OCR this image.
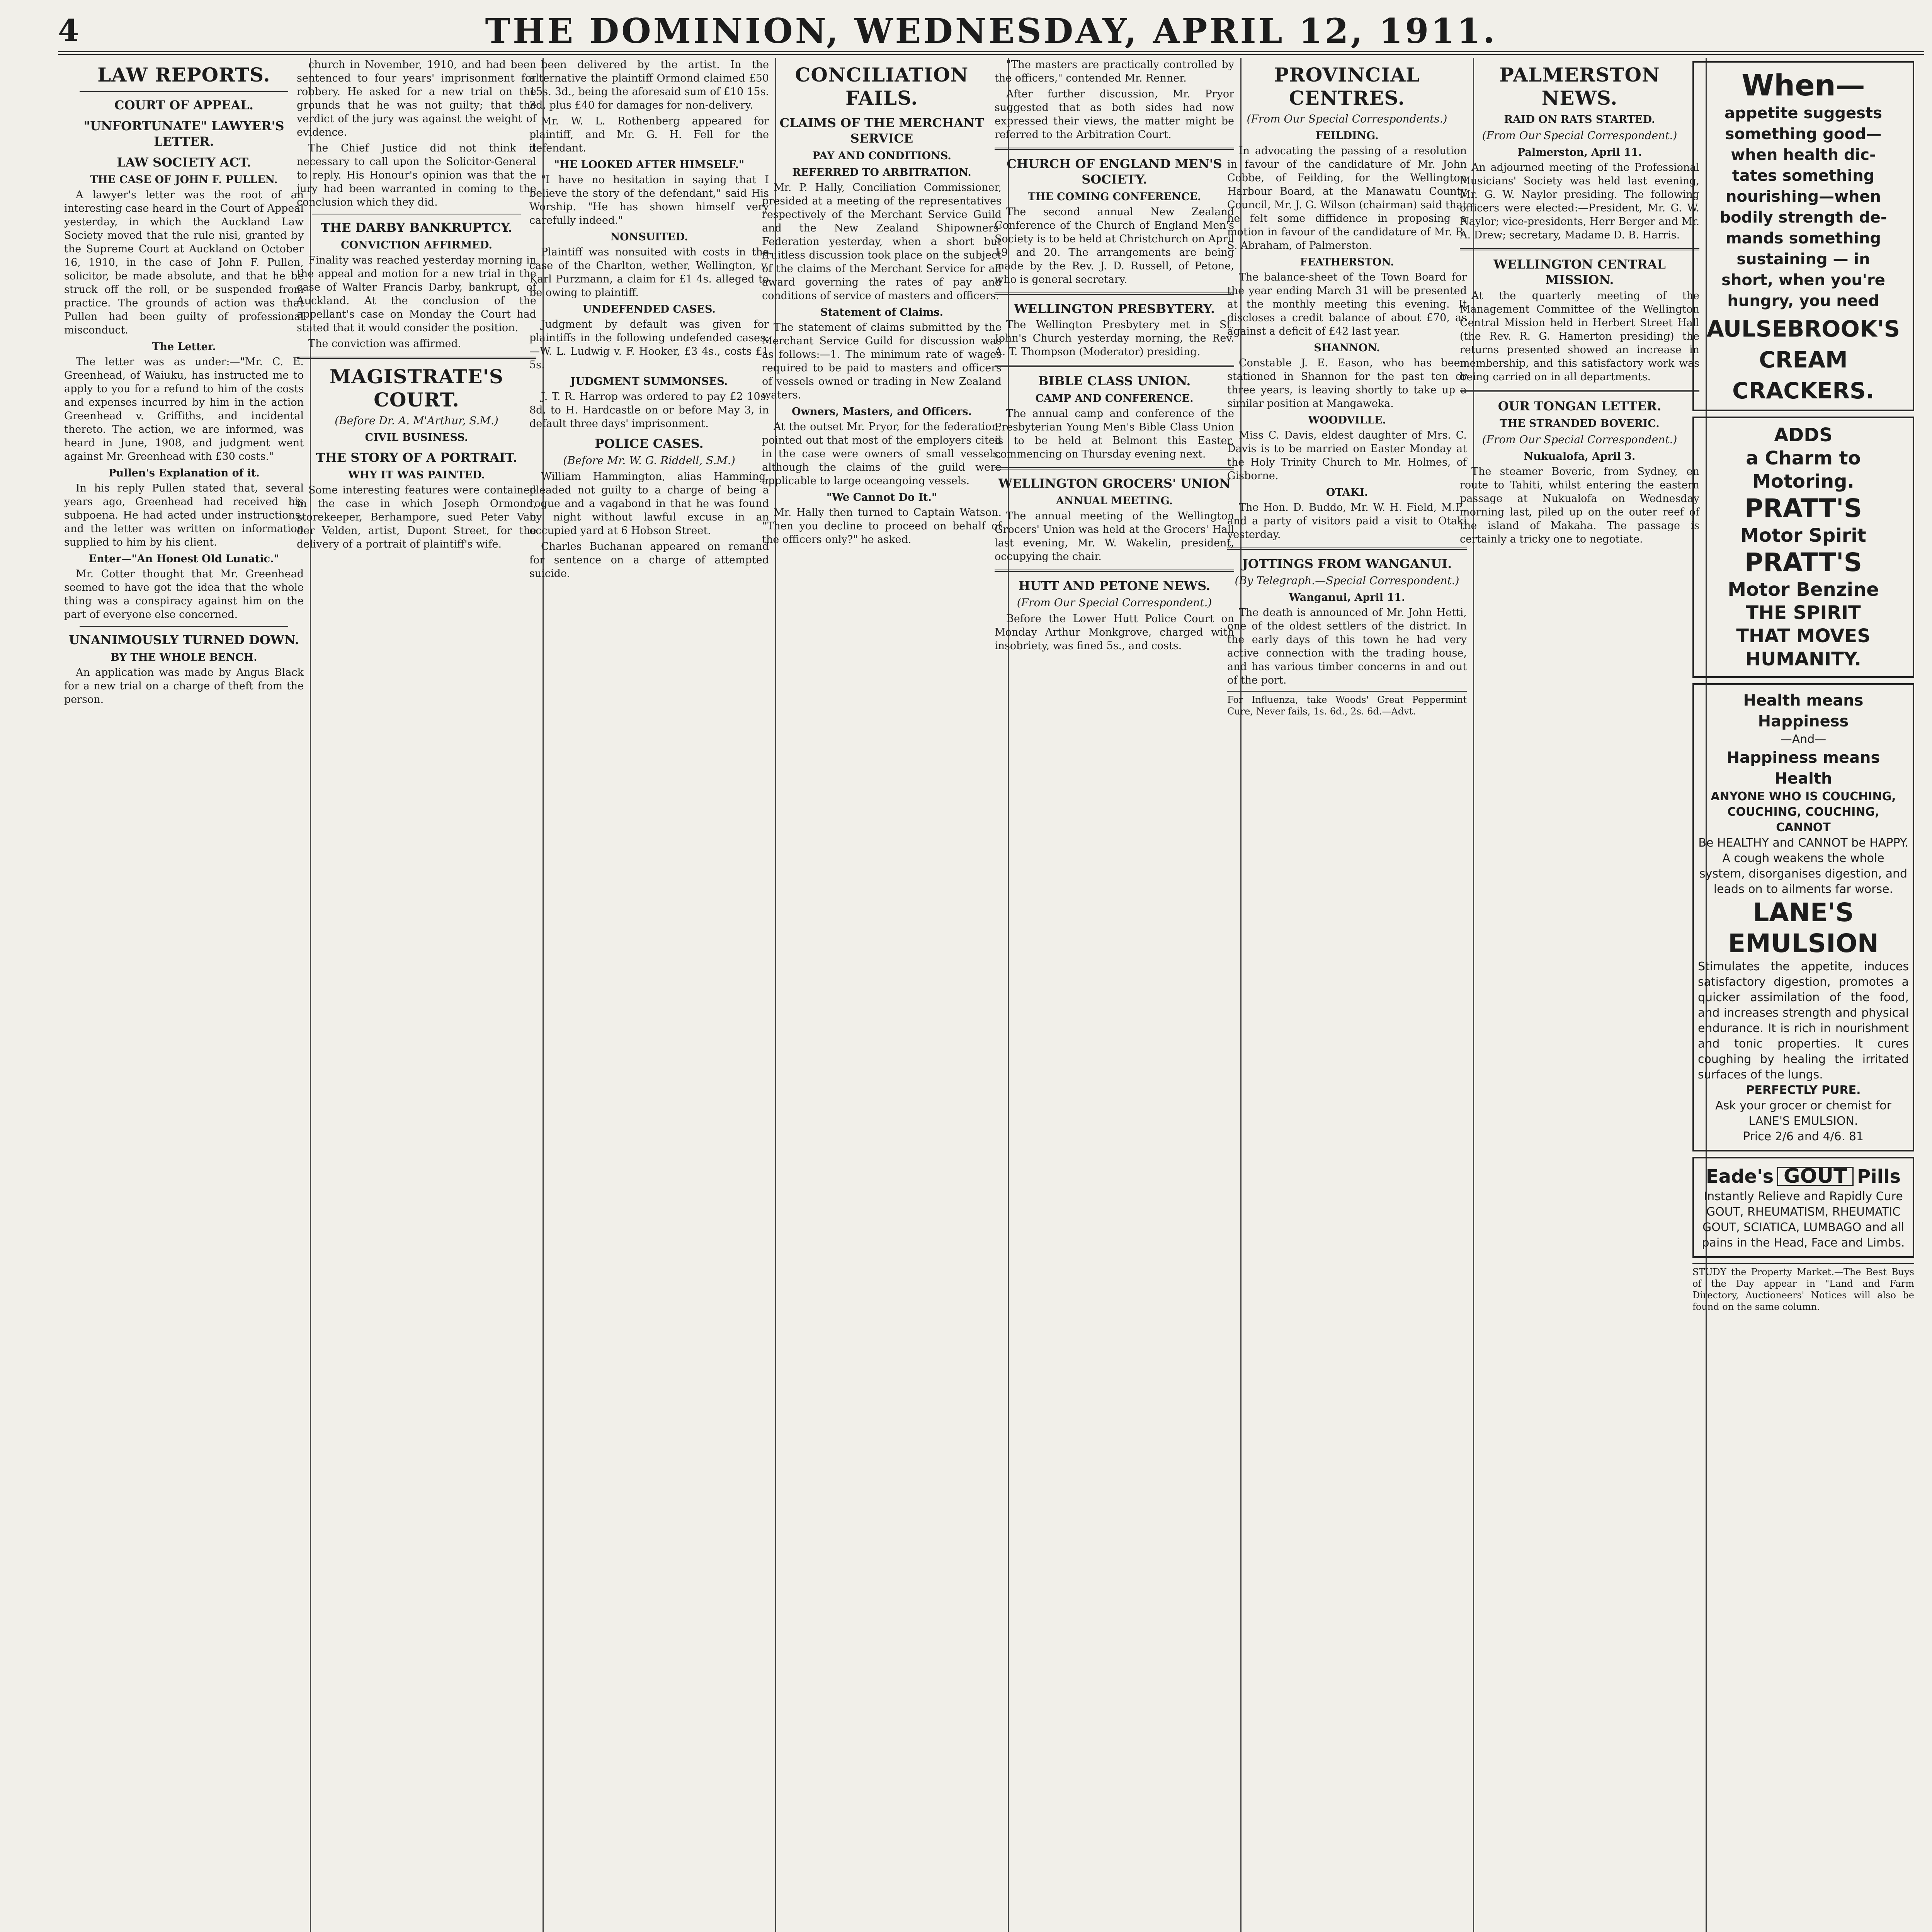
4	THE DOMINION, WEDNESDAY, APRIL 12, 1911.
LAW REPORTS.
COURT OF APPEAL.
"UNFORTUNATE" LAWYER'S LETTER.
LAW SOCIETY ACT.
THE CASE OF JOHN F. PULLEN.

A lawyer's letter was the root of an interesting case heard in the Court of Appeal yesterday, in which the Auckland Law Society moved that the rule nisi, granted by the Supreme Court at Auckland on October 16, 1910, in the case of John F. Pullen, solicitor, be made absolute, and that he be struck off the roll, or be suspended from practice. The grounds of action was that Pullen had been guilty of professional misconduct.

The Letter.

The letter was as under:—"Mr. C. E. Greenhead, of Waiuku, has instructed me to apply to you for a refund to him of the costs and expenses incurred by him in the action Greenhead v. Griffiths, and incidental thereto. The action, we are informed, was heard in June, 1908, and judgment went against Mr. Greenhead with £30 costs."

Pullen's Explanation of it.

In his reply Pullen stated that, several years ago, Greenhead had received his subpoena. He had acted under instructions, and the letter was written on information supplied to him by his client.

Enter—"An Honest Old Lunatic."

Mr. Cotter thought that Mr. Greenhead seemed to have got the idea that the whole thing was a conspiracy against him on the part of everyone else concerned.

UNANIMOUSLY TURNED DOWN.
BY THE WHOLE BENCH.

An application was made by Angus Black for a new trial on a charge of theft from the person.

church in November, 1910, and had been sentenced to four years' imprisonment for robbery. He asked for a new trial on the grounds that he was not guilty; that the verdict of the jury was against the weight of evidence.

The Chief Justice did not think it necessary to call upon the Solicitor-General to reply. His Honour's opinion was that the jury had been warranted in coming to the conclusion which they did.

THE DARBY BANKRUPTCY.
CONVICTION AFFIRMED.

Finality was reached yesterday morning in the appeal and motion for a new trial in the case of Walter Francis Darby, bankrupt, of Auckland. At the conclusion of the appellant's case on Monday the Court had stated that it would consider the position.

The conviction was affirmed.

MAGISTRATE'S COURT.
(Before Dr. A. M'Arthur, S.M.)
CIVIL BUSINESS.
THE STORY OF A PORTRAIT.
WHY IT WAS PAINTED.

Some interesting features were contained in the case in which Joseph Ormond, storekeeper, Berhampore, sued Peter Van der Velden, artist, Dupont Street, for the delivery of a portrait of plaintiff's wife.

been delivered by the artist. In the alternative the plaintiff Ormond claimed £50 15s. 3d., being the aforesaid sum of £10 15s. 3d. plus £40 for damages for non-delivery.

Mr. W. L. Rothenberg appeared for plaintiff, and Mr. G. H. Fell for the defendant.

"HE LOOKED AFTER HIMSELF."

"I have no hesitation in saying that I believe the story of the defendant," said His Worship. "He has shown himself very carefully indeed."

NONSUITED.

Plaintiff was nonsuited with costs in the case of the Charlton, wether, Wellington, v. Karl Purzmann, a claim for £1 4s. alleged to be owing to plaintiff.

UNDEFENDED CASES.

Judgment by default was given for plaintiffs in the following undefended cases:—W. L. Ludwig v. F. Hooker, £3 4s., costs £1 5s.

JUDGMENT SUMMONSES.

J. T. R. Harrop was ordered to pay £2 10s. 8d. to H. Hardcastle on or before May 3, in default three days' imprisonment.

POLICE CASES.
(Before Mr. W. G. Riddell, S.M.)

William Hammington, alias Hamming, pleaded not guilty to a charge of being a rogue and a vagabond in that he was found by night without lawful excuse in an occupied yard at 6 Hobson Street.

Charles Buchanan appeared on remand for sentence on a charge of attempted suicide.

CONCILIATION FAILS.
CLAIMS OF THE MERCHANT SERVICE
PAY AND CONDITIONS.
REFERRED TO ARBITRATION.

Mr. P. Hally, Conciliation Commissioner, presided at a meeting of the representatives respectively of the Merchant Service Guild and the New Zealand Shipowners' Federation yesterday, when a short but fruitless discussion took place on the subject of the claims of the Merchant Service for an award governing the rates of pay and conditions of service of masters and officers.

Statement of Claims.

The statement of claims submitted by the Merchant Service Guild for discussion was as follows:—1. The minimum rate of wages required to be paid to masters and officers of vessels owned or trading in New Zealand waters.

Owners, Masters, and Officers.

At the outset Mr. Pryor, for the federation, pointed out that most of the employers cited in the case were owners of small vessels, although the claims of the guild were applicable to large oceangoing vessels.

"We Cannot Do It."

Mr. Hally then turned to Captain Watson. "Then you decline to proceed on behalf of the officers only?" he asked.

"The masters are practically controlled by the officers," contended Mr. Renner.

After further discussion, Mr. Pryor suggested that as both sides had now expressed their views, the matter might be referred to the Arbitration Court.

CHURCH OF ENGLAND MEN'S SOCIETY.
THE COMING CONFERENCE.

The second annual New Zealand Conference of the Church of England Men's Society is to be held at Christchurch on April 19 and 20. The arrangements are being made by the Rev. J. D. Russell, of Petone, who is general secretary.

WELLINGTON PRESBYTERY.

The Wellington Presbytery met in St. John's Church yesterday morning, the Rev. A. T. Thompson (Moderator) presiding.

BIBLE CLASS UNION.
CAMP AND CONFERENCE.

The annual camp and conference of the Presbyterian Young Men's Bible Class Union is to be held at Belmont this Easter, commencing on Thursday evening next.

WELLINGTON GROCERS' UNION
ANNUAL MEETING.

The annual meeting of the Wellington Grocers' Union was held at the Grocers' Hall last evening, Mr. W. Wakelin, president, occupying the chair.

HUTT AND PETONE NEWS.
(From Our Special Correspondent.)

Before the Lower Hutt Police Court on Monday Arthur Monkgrove, charged with insobriety, was fined 5s., and costs.

PROVINCIAL CENTRES.
(From Our Special Correspondents.)
FEILDING.

In advocating the passing of a resolution in favour of the candidature of Mr. John Cobbe, of Feilding, for the Wellington Harbour Board, at the Manawatu County Council, Mr. J. G. Wilson (chairman) said that he felt some diffidence in proposing a motion in favour of the candidature of Mr. R. S. Abraham, of Palmerston.

FEATHERSTON.

The balance-sheet of the Town Board for the year ending March 31 will be presented at the monthly meeting this evening. It discloses a credit balance of about £70, as against a deficit of £42 last year.

SHANNON.

Constable J. E. Eason, who has been stationed in Shannon for the past ten or three years, is leaving shortly to take up a similar position at Mangaweka.

WOODVILLE.

Miss C. Davis, eldest daughter of Mrs. C. Davis is to be married on Easter Monday at the Holy Trinity Church to Mr. Holmes, of Gisborne.

OTAKI.

The Hon. D. Buddo, Mr. W. H. Field, M.P., and a party of visitors paid a visit to Otaki yesterday.

JOTTINGS FROM WANGANUI.
(By Telegraph.—Special Correspondent.)
Wanganui, April 11.

The death is announced of Mr. John Hetti, one of the oldest settlers of the district. In the early days of this town he had very active connection with the trading house, and has various timber concerns in and out of the port.

For Influenza, take Woods' Great Peppermint Cure, Never fails, 1s. 6d., 2s. 6d.—Advt.
PALMERSTON NEWS.
RAID ON RATS STARTED.
(From Our Special Correspondent.)
Palmerston, April 11.

An adjourned meeting of the Professional Musicians' Society was held last evening, Mr. G. W. Naylor presiding. The following officers were elected:—President, Mr. G. W. Naylor; vice-presidents, Herr Berger and Mr. A. Drew; secretary, Madame D. B. Harris.

WELLINGTON CENTRAL MISSION.

At the quarterly meeting of the Management Committee of the Wellington Central Mission held in Herbert Street Hall (the Rev. R. G. Hamerton presiding) the returns presented showed an increase in membership, and this satisfactory work was being carried on in all departments.

OUR TONGAN LETTER.
THE STRANDED BOVERIC.
(From Our Special Correspondent.)
Nukualofa, April 3.

The steamer Boveric, from Sydney, en route to Tahiti, whilst entering the eastern passage at Nukualofa on Wednesday morning last, piled up on the outer reef of the island of Makaha. The passage is certainly a tricky one to negotiate.

When—
appetite suggests
something good—
when health dic-
tates something
nourishing—when
bodily strength de-
mands something
sustaining — in
short, when you're
hungry, you need
AULSEBROOK'S
CREAM
CRACKERS.
ADDS
a Charm to
Motoring.
PRATT'S
Motor Spirit
PRATT'S
Motor Benzine
THE SPIRIT
THAT MOVES
HUMANITY.
Health means Happiness
—And—
Happiness means Health
ANYONE WHO IS COUCHING,
COUCHING, COUCHING,
CANNOT
Be HEALTHY and CANNOT be HAPPY. A cough weakens the whole system, disorganises digestion, and leads on to ailments far worse.
LANE'S
EMULSION
Stimulates the appetite, induces satisfactory digestion, promotes a quicker assimilation of the food, and increases strength and physical endurance. It is rich in nourishment and tonic properties. It cures coughing by healing the irritated surfaces of the lungs.
PERFECTLY PURE.
Ask your grocer or chemist for LANE'S EMULSION.
Price 2/6 and 4/6. 81
Eade's GOUT Pills
Instantly Relieve and Rapidly Cure GOUT, RHEUMATISM, RHEUMATIC GOUT, SCIATICA, LUMBAGO and all pains in the Head, Face and Limbs.
STUDY the Property Market.—The Best Buys of the Day appear in "Land and Farm Directory, Auctioneers' Notices will also be found on the same column.
